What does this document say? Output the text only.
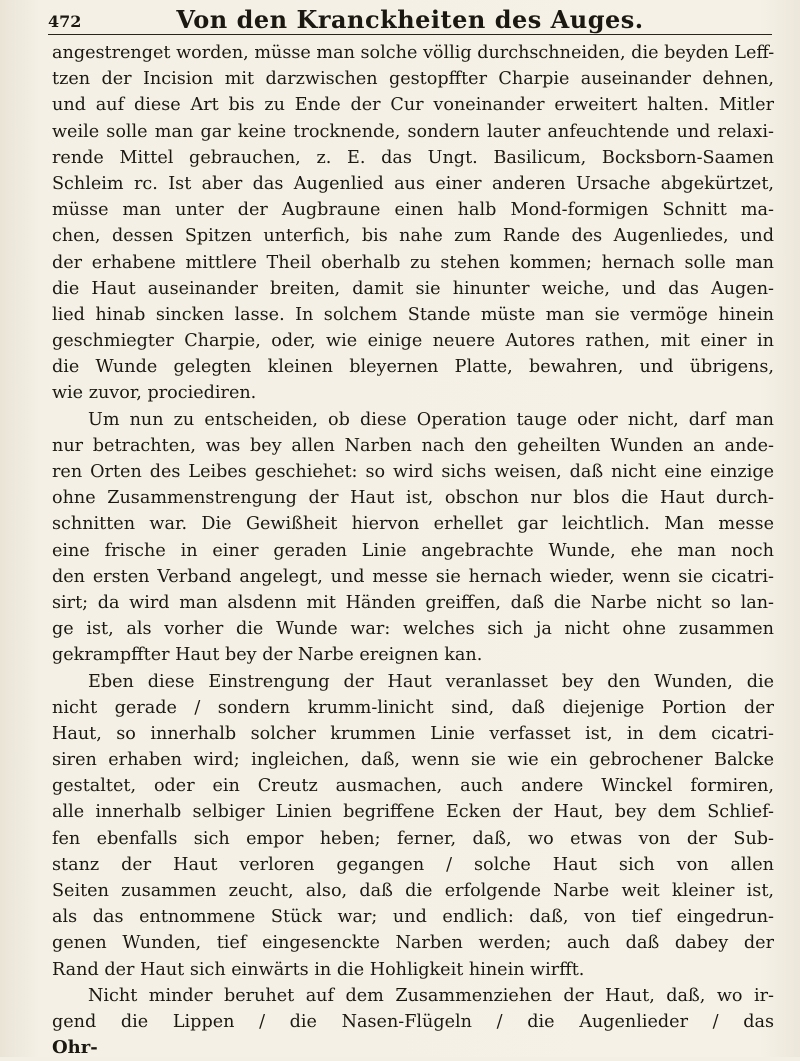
472	Von den Kranckheiten des Auges.
angestrenget worden, müsse man solche völlig durchschneiden, die beyden Leff-
tzen der Incision mit darzwischen gestopffter Charpie auseinander dehnen,
und auf diese Art bis zu Ende der Cur voneinander erweitert halten. Mitler
weile solle man gar keine trocknende, sondern lauter anfeuchtende und relaxi-
rende Mittel gebrauchen, z. E. das Ungt. Basilicum, Bocksborn-Saamen
Schleim rc. Ist aber das Augenlied aus einer anderen Ursache abgekürtzet,
müsse man unter der Augbraune einen halb Mond-formigen Schnitt ma-
chen, dessen Spitzen unterfich, bis nahe zum Rande des Augenliedes, und
der erhabene mittlere Theil oberhalb zu stehen kommen; hernach solle man
die Haut auseinander breiten, damit sie hinunter weiche, und das Augen-
lied hinab sincken lasse. In solchem Stande müste man sie vermöge hinein
geschmiegter Charpie, oder, wie einige neuere Autores rathen, mit einer in
die Wunde gelegten kleinen bleyernen Platte, bewahren, und übrigens,
wie zuvor, prociediren.
Um nun zu entscheiden, ob diese Operation tauge oder nicht, darf man
nur betrachten, was bey allen Narben nach den geheilten Wunden an ande-
ren Orten des Leibes geschiehet: so wird sichs weisen, daß nicht eine einzige
ohne Zusammenstrengung der Haut ist, obschon nur blos die Haut durch-
schnitten war. Die Gewißheit hiervon erhellet gar leichtlich. Man messe
eine frische in einer geraden Linie angebrachte Wunde, ehe man noch
den ersten Verband angelegt, und messe sie hernach wieder, wenn sie cicatri-
sirt; da wird man alsdenn mit Händen greiffen, daß die Narbe nicht so lan-
ge ist, als vorher die Wunde war: welches sich ja nicht ohne zusammen
gekrampffter Haut bey der Narbe ereignen kan.
Eben diese Einstrengung der Haut veranlasset bey den Wunden, die
nicht gerade / sondern krumm-linicht sind, daß diejenige Portion der
Haut, so innerhalb solcher krummen Linie verfasset ist, in dem cicatri-
siren erhaben wird; ingleichen, daß, wenn sie wie ein gebrochener Balcke
gestaltet, oder ein Creutz ausmachen, auch andere Winckel formiren,
alle innerhalb selbiger Linien begriffene Ecken der Haut, bey dem Schlief-
fen ebenfalls sich empor heben; ferner, daß, wo etwas von der Sub-
stanz der Haut verloren gegangen / solche Haut sich von allen
Seiten zusammen zeucht, also, daß die erfolgende Narbe weit kleiner ist,
als das entnommene Stück war; und endlich: daß, von tief eingedrun-
genen Wunden, tief eingesenckte Narben werden; auch daß dabey der
Rand der Haut sich einwärts in die Hohligkeit hinein wirfft.
Nicht minder beruhet auf dem Zusammenziehen der Haut, daß, wo ir-
gend die Lippen / die Nasen-Flügeln / die Augenlieder / das
Ohr-
